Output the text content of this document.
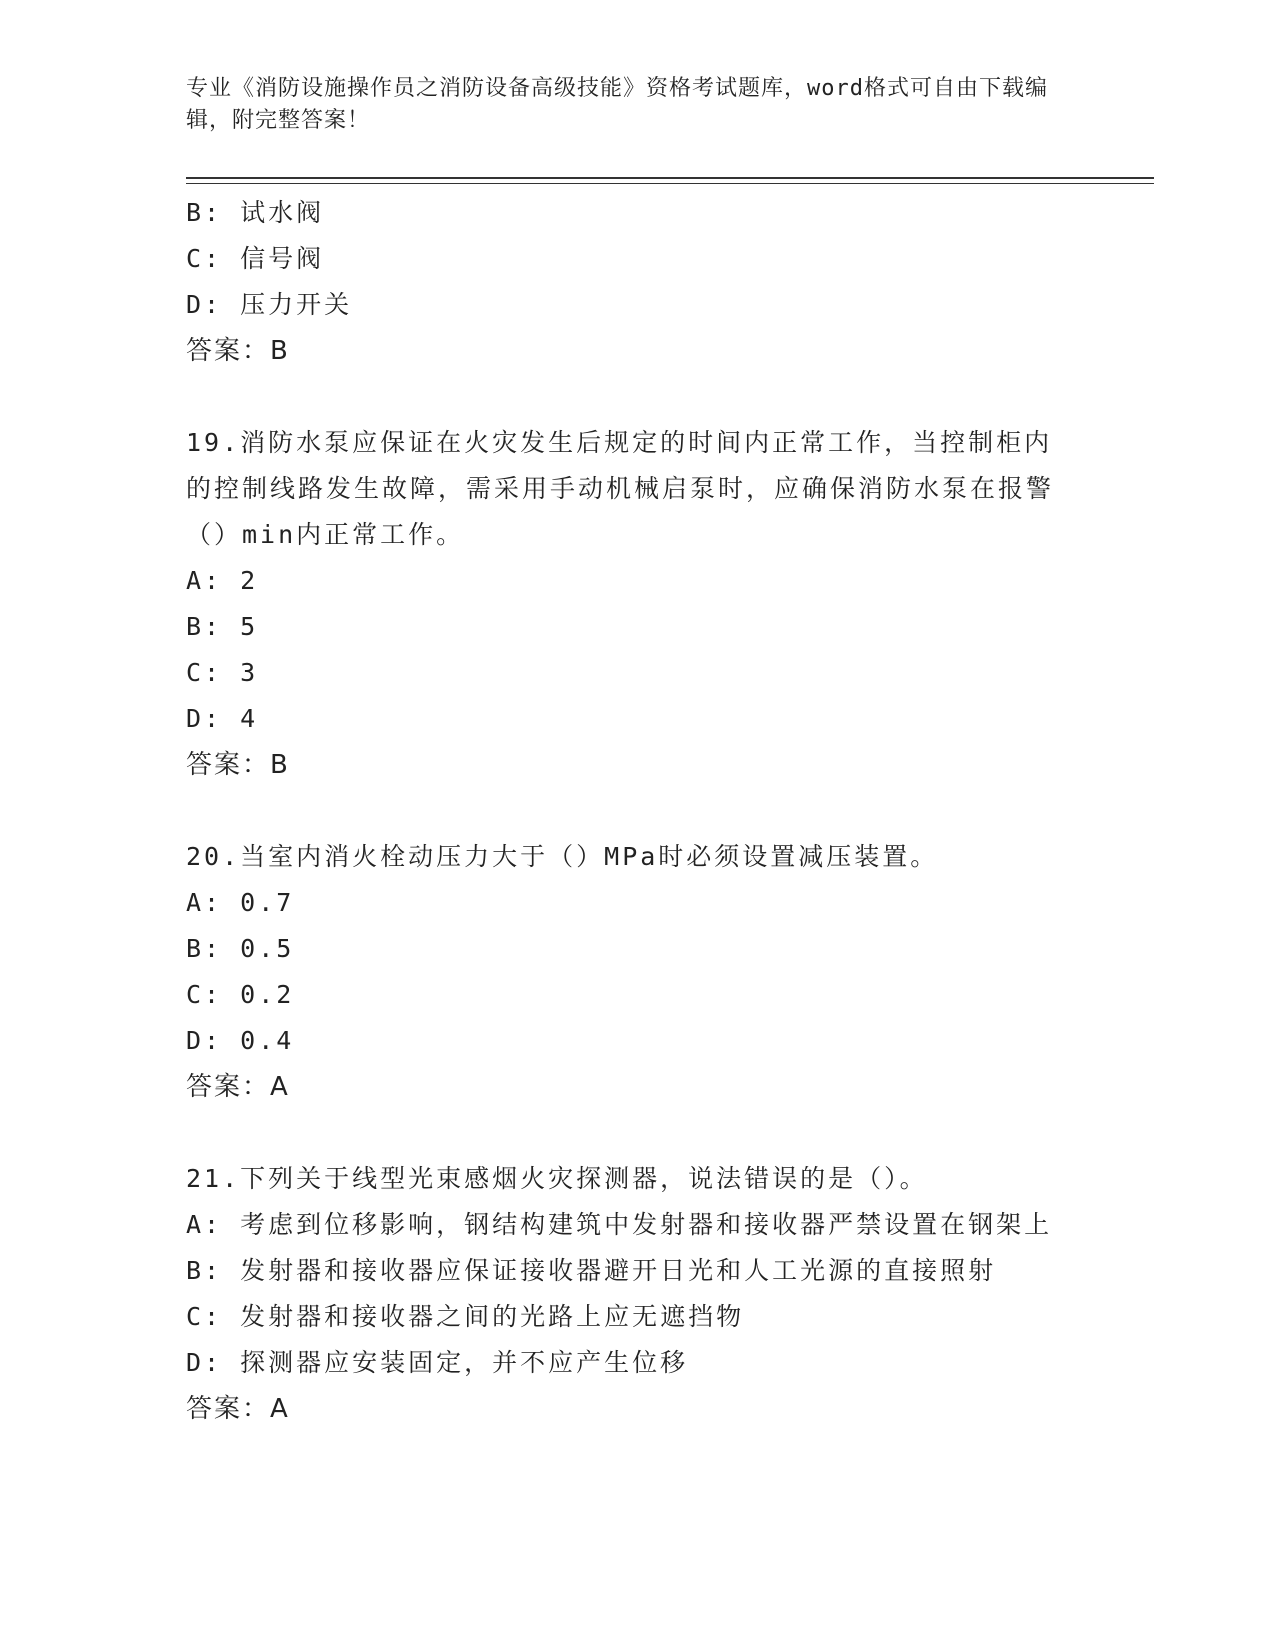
专业《消防设施操作员之消防设备高级技能》资格考试题库，word格式可自由下载编辑，附完整答案！
B: 试水阀
C: 信号阀
D: 压力开关
答案：B
19.消防水泵应保证在火灾发生后规定的时间内正常工作，当控制柜内的控制线路发生故障，需采用手动机械启泵时，应确保消防水泵在报警（）min内正常工作。
A: 2
B: 5
C: 3
D: 4
答案：B
20.当室内消火栓动压力大于（）MPa时必须设置减压装置。
A: 0.7
B: 0.5
C: 0.2
D: 0.4
答案：A
21.下列关于线型光束感烟火灾探测器，说法错误的是（）。
A: 考虑到位移影响，钢结构建筑中发射器和接收器严禁设置在钢架上
B: 发射器和接收器应保证接收器避开日光和人工光源的直接照射
C: 发射器和接收器之间的光路上应无遮挡物
D: 探测器应安装固定，并不应产生位移
答案：A
